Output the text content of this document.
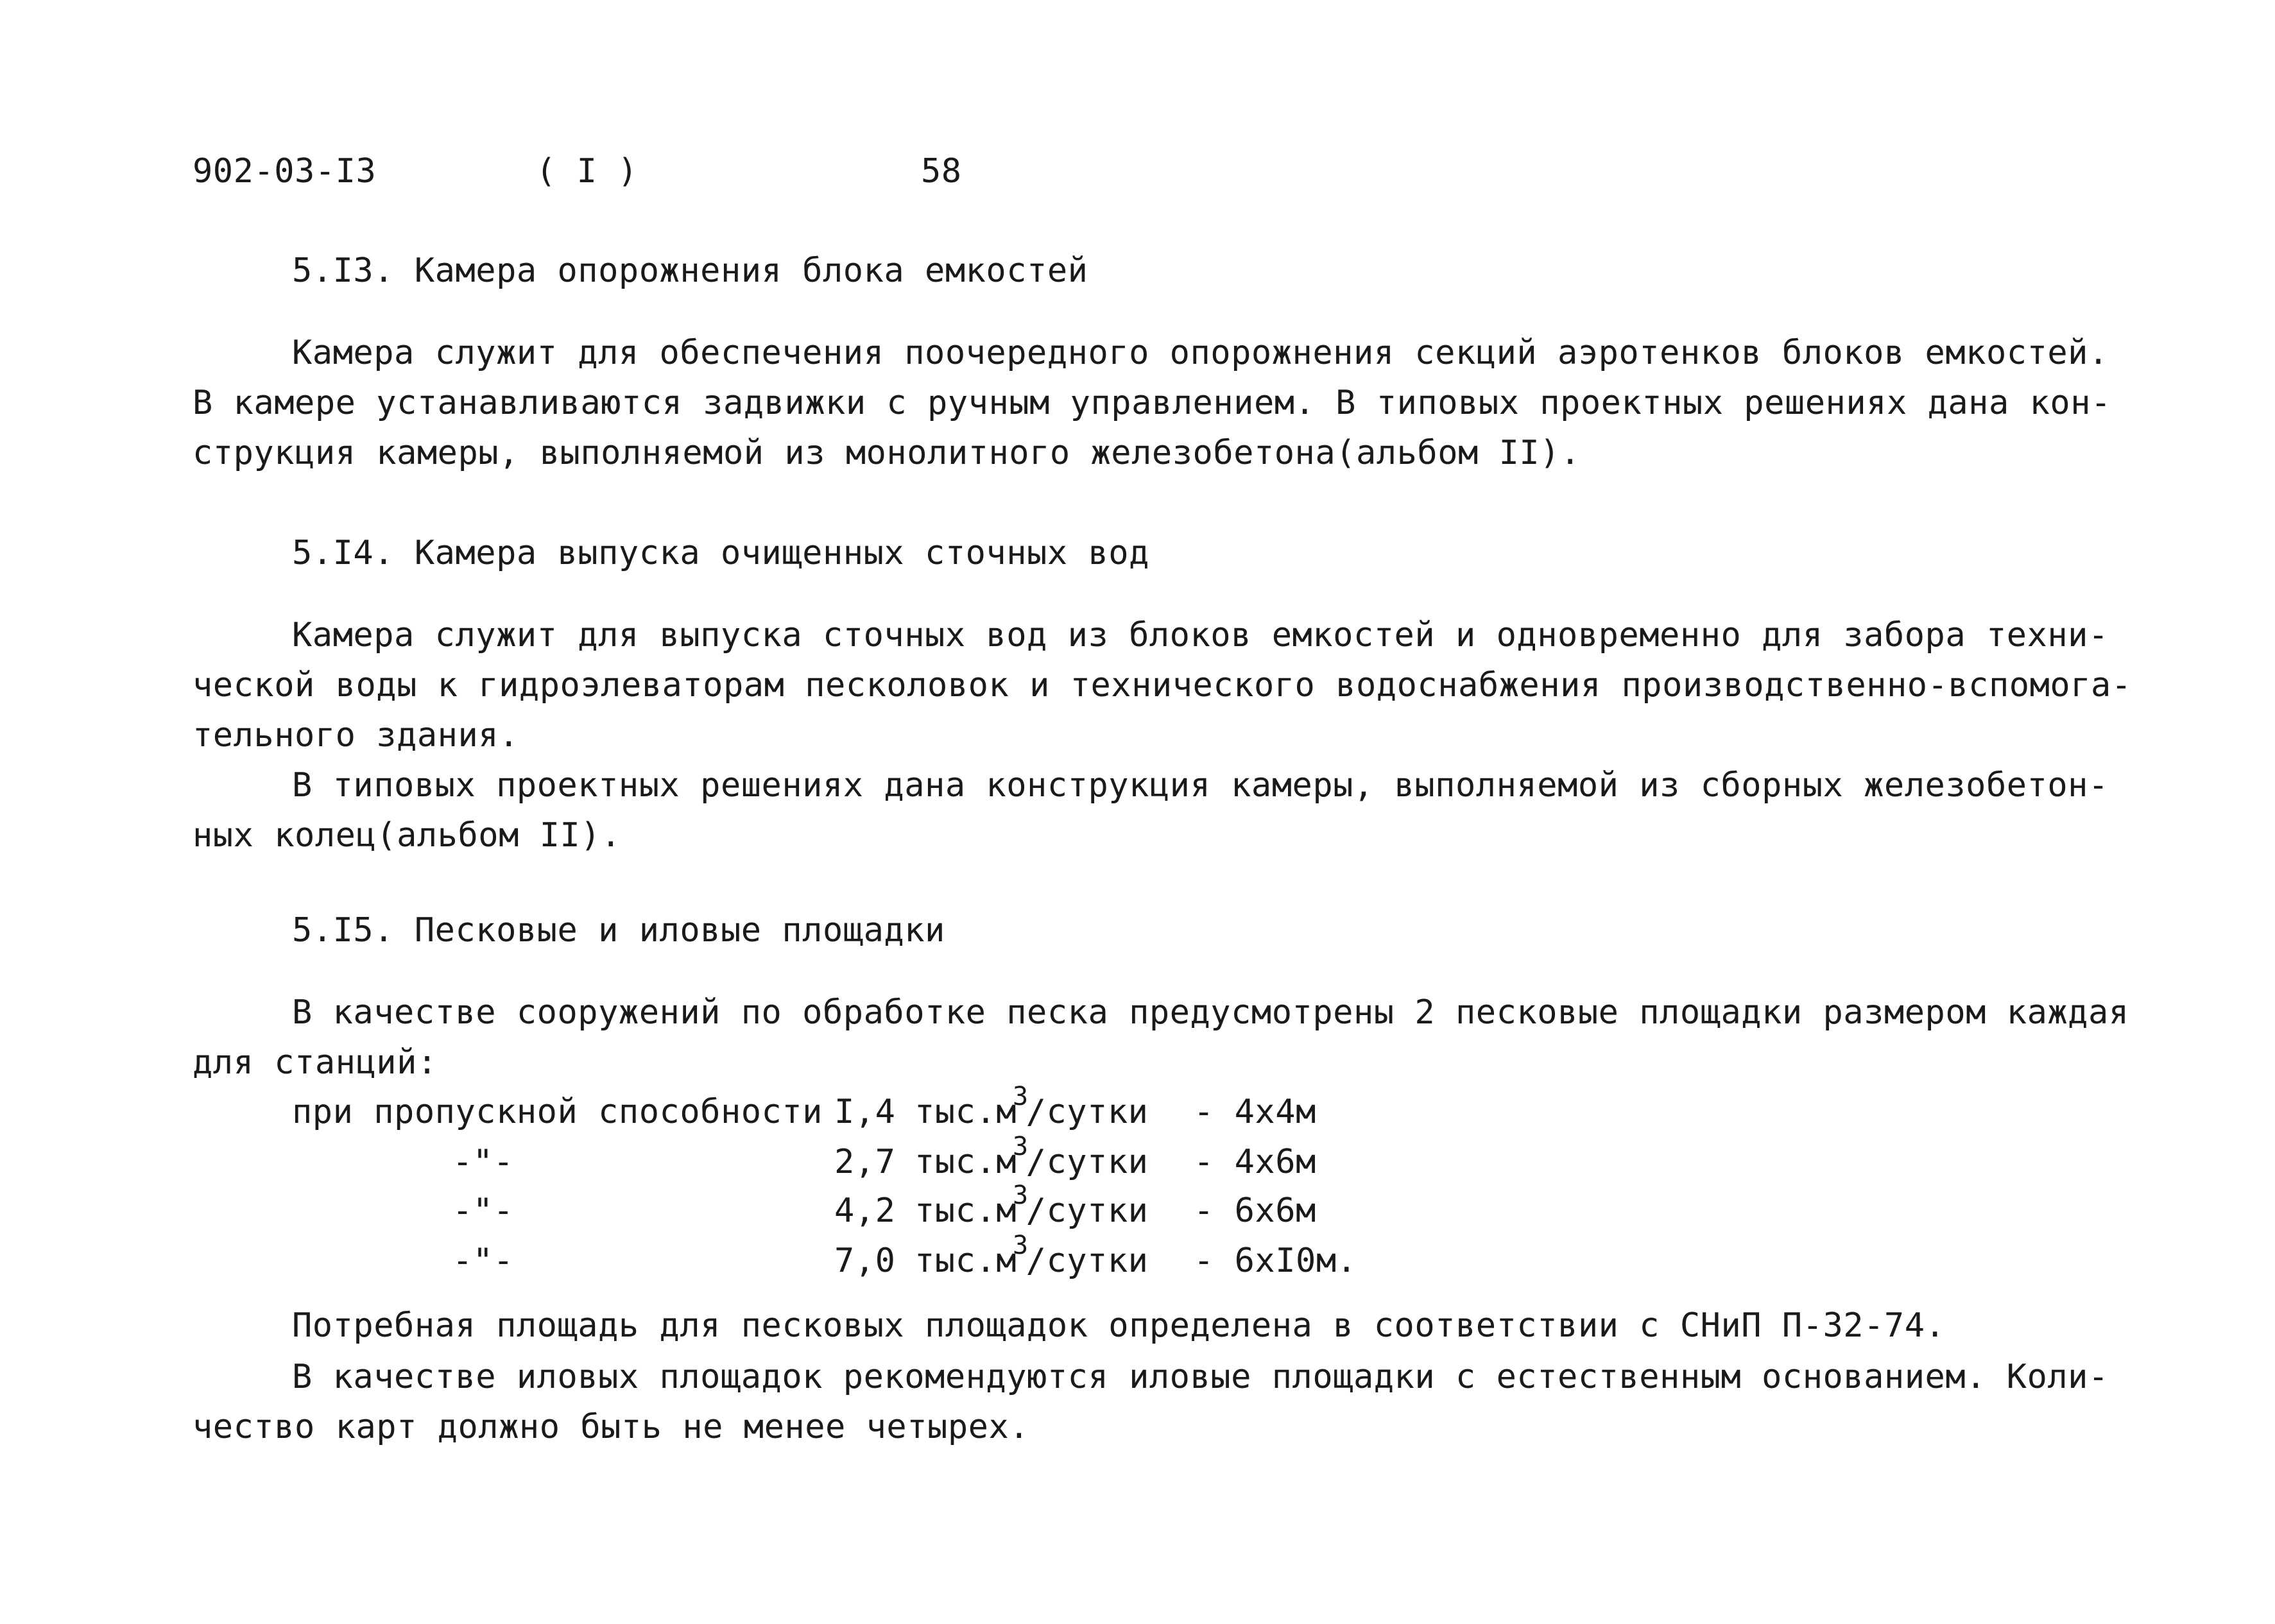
902-03-I3	( I )	58
5.I3. Камера опорожнения блока емкостей
Камера служит для обеспечения поочередного опорожнения секций аэротенков блоков емкостей.
В камере устанавливаются задвижки с ручным управлением. В типовых проектных решениях дана кон-
струкция камеры, выполняемой из монолитного железобетона(альбом II).
5.I4. Камера выпуска очищенных сточных вод
Камера служит для выпуска сточных вод из блоков емкостей и одновременно для забора техни-
ческой воды к гидроэлеваторам песколовок и технического водоснабжения производственно-вспомога-
тельного здания.
В типовых проектных решениях дана конструкция камеры, выполняемой из сборных железобетон-
ных колец(альбом II).
5.I5. Песковые и иловые площадки
В качестве сооружений по обработке песка предусмотрены 2 песковые площадки размером каждая
для станций:
при пропускной способности I,4 $тыс.м^3$/сутки - 4х4м
-"-	2,7 $тыс.м^3$/сутки - 4х6м
-"-	4,2 $тыс.м^3$/сутки - 6х6м
-"-	7,0 $тыс.м^3$/сутки - 6хI0м.
Потребная площадь для песковых площадок определена в соответствии с СНиП П-32-74.
В качестве иловых площадок рекомендуются иловые площадки с естественным основанием. Коли-
чество карт должно быть не менее четырех.
